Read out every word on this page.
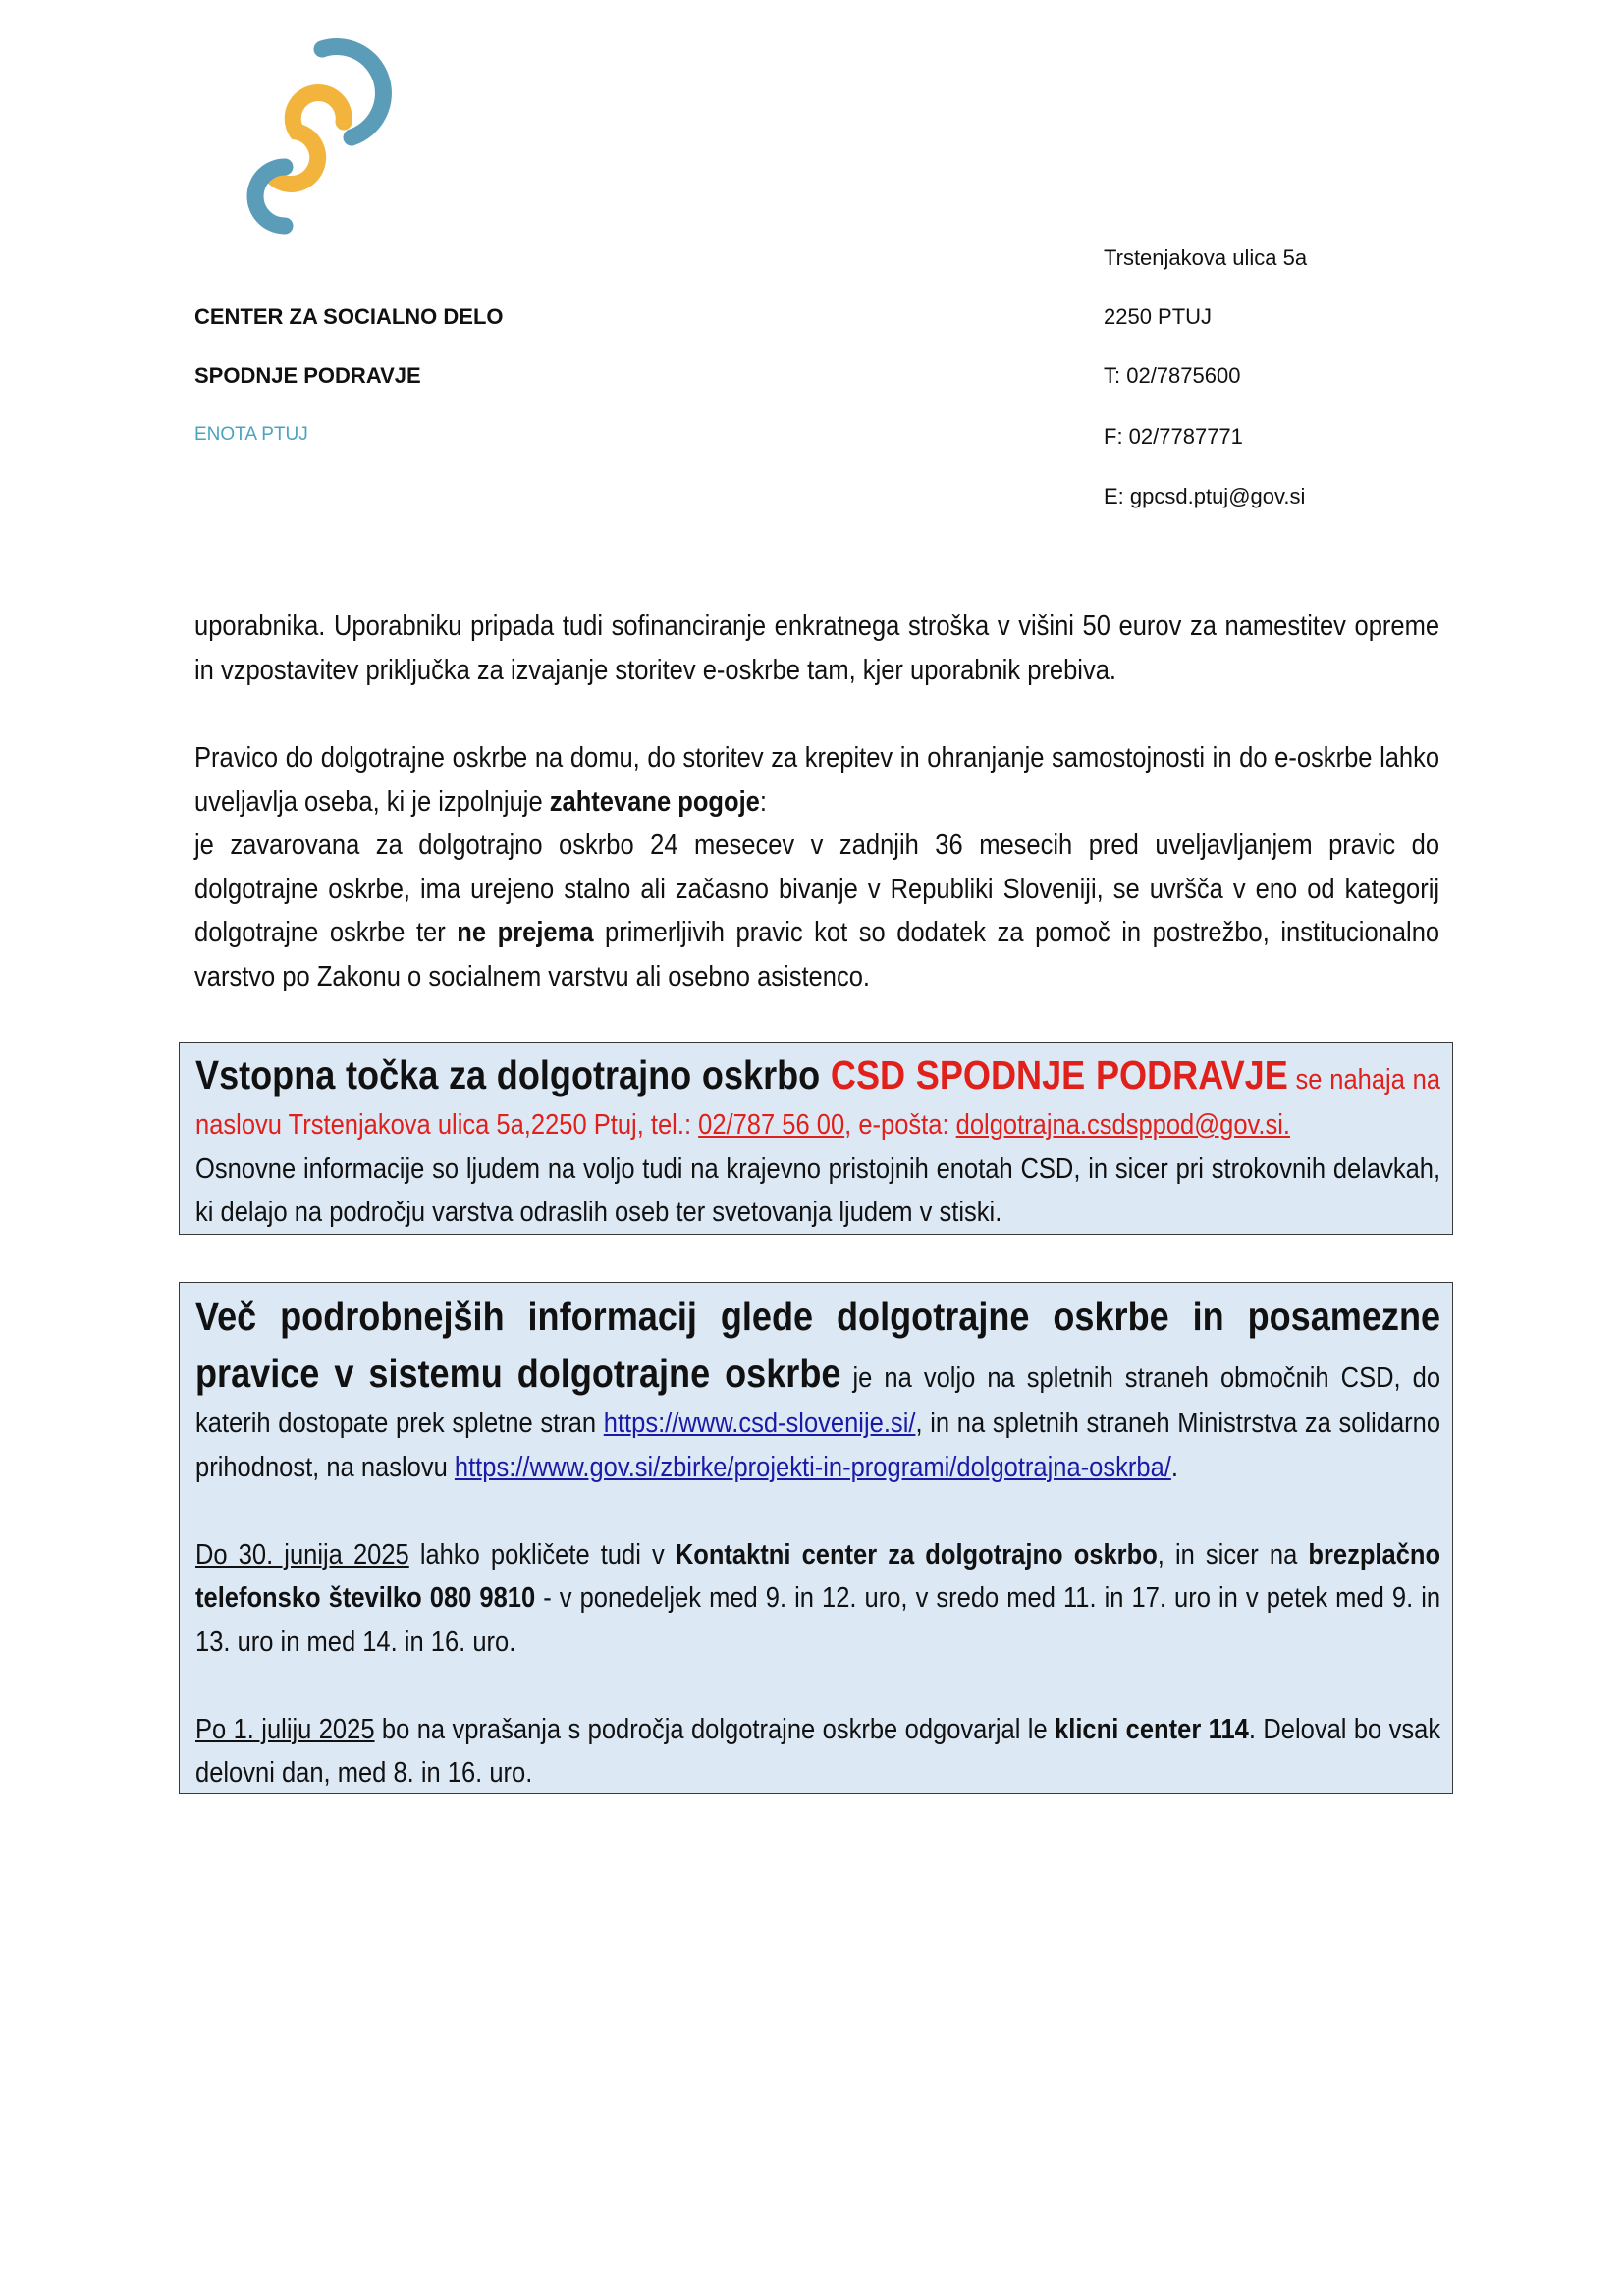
CENTER ZA SOCIALNO DELO
SPODNJE PODRAVJE
ENOTA PTUJ
Trstenjakova ulica 5a
2250 PTUJ
T: 02/7875600
F: 02/7787771
E: gpcsd.ptuj@gov.si
uporabnika. Uporabniku pripada tudi sofinanciranje enkratnega stroška v višini 50 eurov za namestitev opreme in vzpostavitev priključka za izvajanje storitev e-oskrbe tam, kjer uporabnik prebiva.
Pravico do dolgotrajne oskrbe na domu, do storitev za krepitev in ohranjanje samostojnosti in do e-oskrbe lahko uveljavlja oseba, ki je izpolnjuje zahtevane pogoje:
je zavarovana za dolgotrajno oskrbo 24 mesecev v zadnjih 36 mesecih pred uveljavljanjem pravic do dolgotrajne oskrbe, ima urejeno stalno ali začasno bivanje v Republiki Sloveniji, se uvršča v eno od kategorij dolgotrajne oskrbe ter ne prejema primerljivih pravic kot so dodatek za pomoč in postrežbo, institucionalno varstvo po Zakonu o socialnem varstvu ali osebno asistenco.
Vstopna točka za dolgotrajno oskrbo CSD SPODNJE PODRAVJE se nahaja na naslovu Trstenjakova ulica 5a,2250 Ptuj, tel.: 02/787 56 00, e-pošta: dolgotrajna.csdsppod@gov.si.
Osnovne informacije so ljudem na voljo tudi na krajevno pristojnih enotah CSD, in sicer pri strokovnih delavkah, ki delajo na področju varstva odraslih oseb ter svetovanja ljudem v stiski.
Več podrobnejših informacij glede dolgotrajne oskrbe in posamezne pravice v sistemu dolgotrajne oskrbe je na voljo na spletnih straneh območnih CSD, do katerih dostopate prek spletne stran https://www.csd-slovenije.si/, in na spletnih straneh Ministrstva za solidarno prihodnost, na naslovu https://www.gov.si/zbirke/projekti-in-programi/dolgotrajna-oskrba/.
Do 30. junija 2025 lahko pokličete tudi v Kontaktni center za dolgotrajno oskrbo, in sicer na brezplačno telefonsko številko 080 9810 - v ponedeljek med 9. in 12. uro, v sredo med 11. in 17. uro in v petek med 9. in 13. uro in med 14. in 16. uro.
Po 1. juliju 2025 bo na vprašanja s področja dolgotrajne oskrbe odgovarjal le klicni center 114. Deloval bo vsak delovni dan, med 8. in 16. uro.
